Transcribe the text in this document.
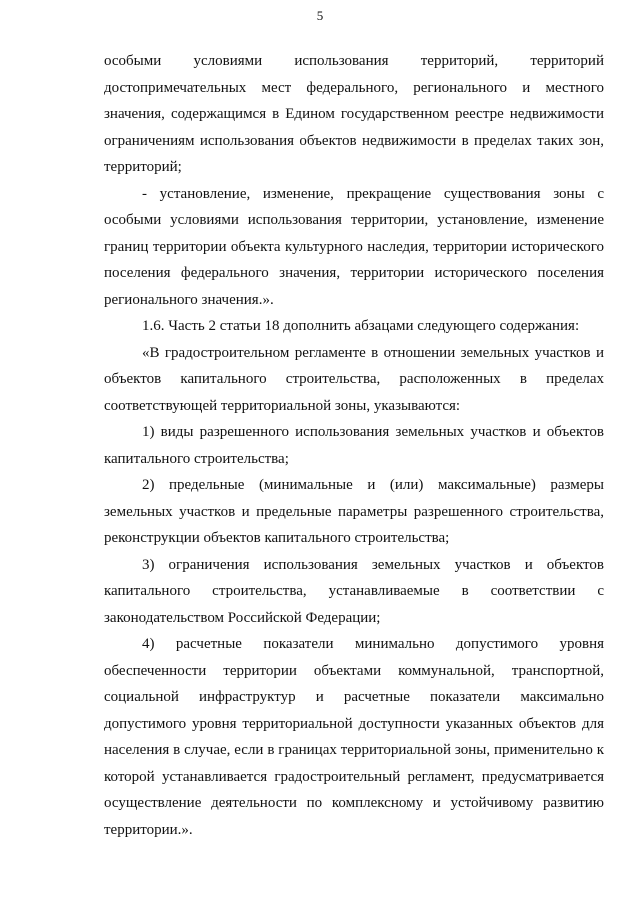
5

особыми условиями использования территорий, территорий достопримечательных мест федерального, регионального и местного значения, содержащимся в Едином государственном реестре недвижимости ограничениям использования объектов недвижимости в пределах таких зон, территорий;

- установление, изменение, прекращение существования зоны с особыми условиями использования территории, установление, изменение границ территории объекта культурного наследия, территории исторического поселения федерального значения, территории исторического поселения регионального значения.».

1.6. Часть 2 статьи 18 дополнить абзацами следующего содержания:

«В градостроительном регламенте в отношении земельных участков и объектов капитального строительства, расположенных в пределах соответствующей территориальной зоны, указываются:

1) виды разрешенного использования земельных участков и объектов капитального строительства;

2) предельные (минимальные и (или) максимальные) размеры земельных участков и предельные параметры разрешенного строительства, реконструкции объектов капитального строительства;

3) ограничения использования земельных участков и объектов капитального строительства, устанавливаемые в соответствии с законодательством Российской Федерации;

4) расчетные показатели минимально допустимого уровня обеспеченности территории объектами коммунальной, транспортной, социальной инфраструктур и расчетные показатели максимально допустимого уровня территориальной доступности указанных объектов для населения в случае, если в границах территориальной зоны, применительно к которой устанавливается градостроительный регламент, предусматривается осуществление деятельности по комплексному и устойчивому развитию территории.».
